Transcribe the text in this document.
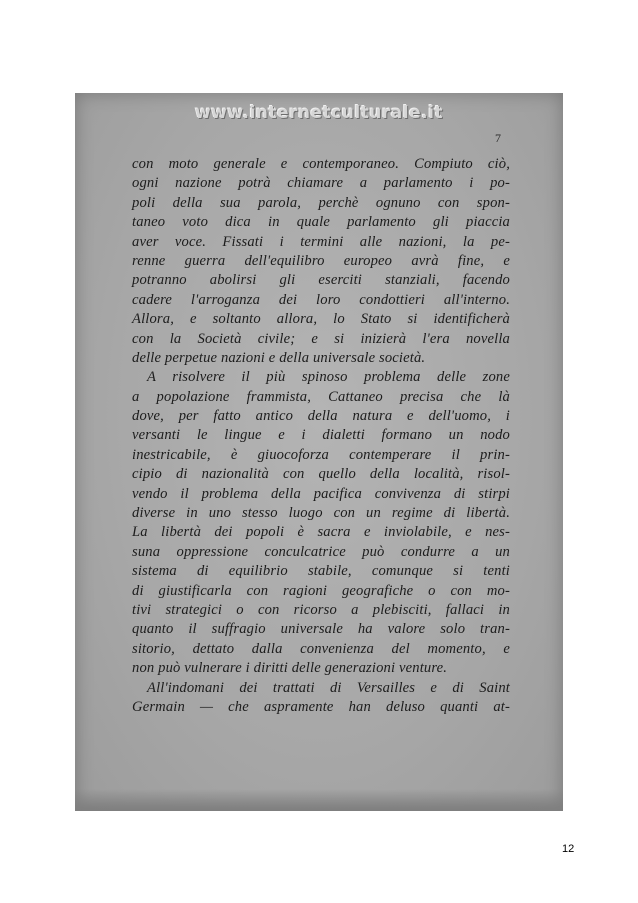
www.internetculturale.it
7
con moto generale e contemporaneo. Compiuto ciò,
ogni nazione potrà chiamare a parlamento i po-
poli della sua parola, perchè ognuno con spon-
taneo voto dica in quale parlamento gli piaccia
aver voce. Fissati i termini alle nazioni, la pe-
renne guerra dell'equilibro europeo avrà fine, e
potranno abolirsi gli eserciti stanziali, facendo
cadere l'arroganza dei loro condottieri all'interno.
Allora, e soltanto allora, lo Stato si identificherà
con la Società civile; e si inizierà l'era novella
delle perpetue nazioni e della universale società.
A risolvere il più spinoso problema delle zone
a popolazione frammista, Cattaneo precisa che là
dove, per fatto antico della natura e dell'uomo, i
versanti le lingue e i dialetti formano un nodo
inestricabile, è giuocoforza contemperare il prin-
cipio di nazionalità con quello della località, risol-
vendo il problema della pacifica convivenza di stirpi
diverse in uno stesso luogo con un regime di libertà.
La libertà dei popoli è sacra e inviolabile, e nes-
suna oppressione conculcatrice può condurre a un
sistema di equilibrio stabile, comunque si tenti
di giustificarla con ragioni geografiche o con mo-
tivi strategici o con ricorso a plebisciti, fallaci in
quanto il suffragio universale ha valore solo tran-
sitorio, dettato dalla convenienza del momento, e
non può vulnerare i diritti delle generazioni venture.
All'indomani dei trattati di Versailles e di Saint
Germain — che aspramente han deluso quanti at-
12
